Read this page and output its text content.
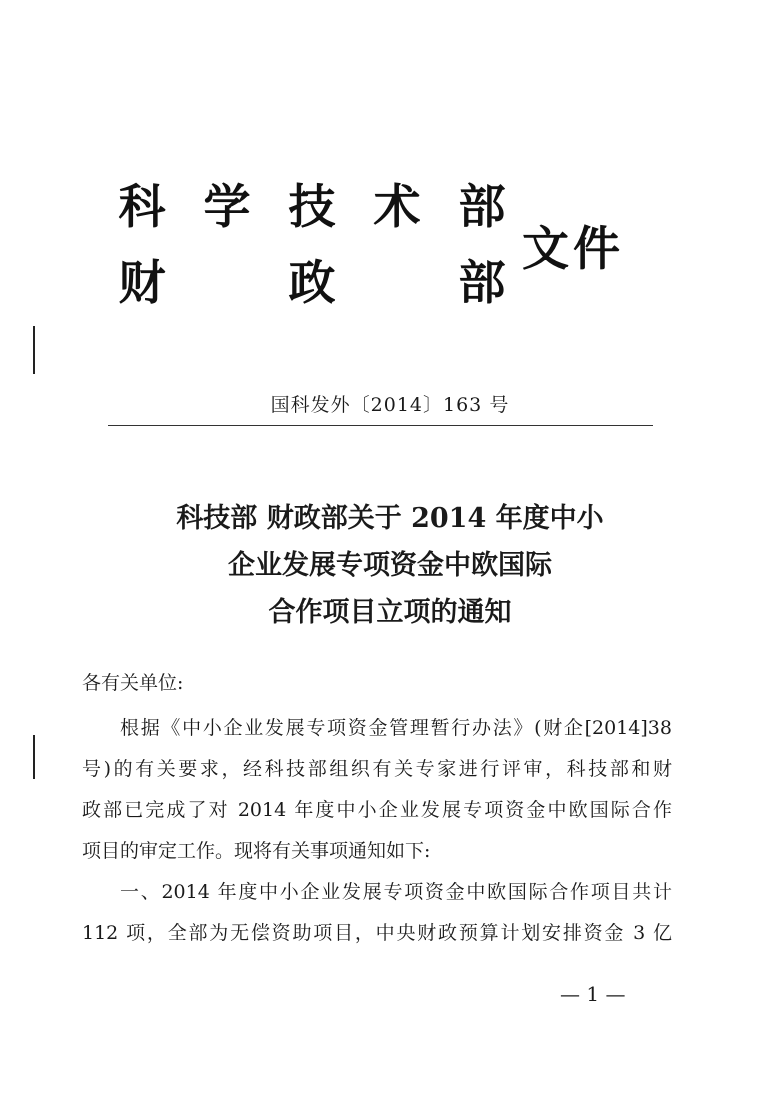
科 学 技 术 部
财	政	部
文件
国科发外〔2014〕163 号
科技部 财政部关于 2014 年度中小
企业发展专项资金中欧国际
合作项目立项的通知
各有关单位:

根据《中小企业发展专项资金管理暂行办法》(财企[2014]38

号)的有关要求，经科技部组织有关专家进行评审，科技部和财

政部已完成了对 2014 年度中小企业发展专项资金中欧国际合作

项目的审定工作。现将有关事项通知如下:

一、2014 年度中小企业发展专项资金中欧国际合作项目共计

112 项，全部为无偿资助项目，中央财政预算计划安排资金 3 亿

— 1 —
